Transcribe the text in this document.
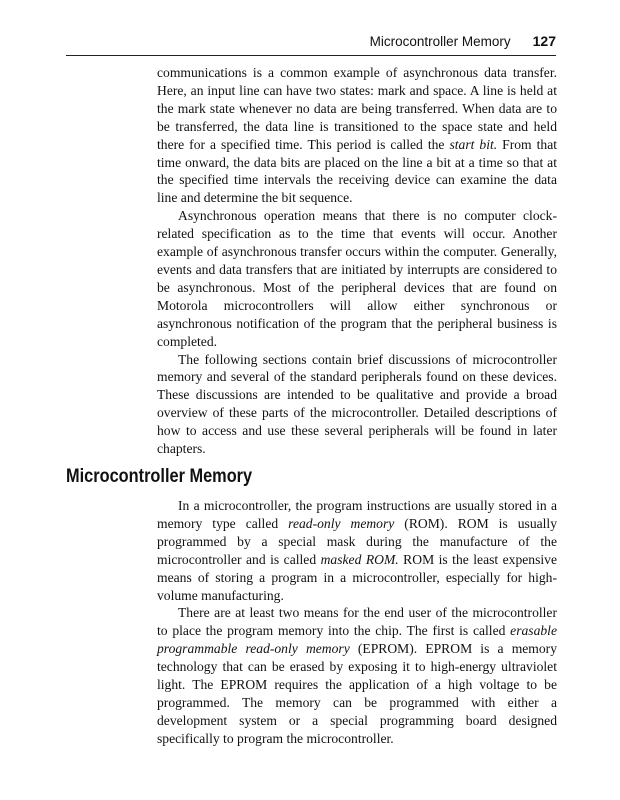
Microcontroller Memory 127

communications is a common example of asynchronous data transfer. Here, an input line can have two states: mark and space. A line is held at the mark state whenever no data are being transferred. When data are to be transferred, the data line is transitioned to the space state and held there for a specified time. This period is called the start bit. From that time onward, the data bits are placed on the line a bit at a time so that at the specified time intervals the receiving device can examine the data line and determine the bit sequence.

Asynchronous operation means that there is no computer clock-related specification as to the time that events will occur. Another example of asynchronous transfer occurs within the computer. Generally, events and data transfers that are initiated by interrupts are considered to be asynchronous. Most of the peripheral devices that are found on Motorola microcontrollers will allow either synchronous or asynchronous notification of the program that the peripheral business is completed.

The following sections contain brief discussions of microcontroller memory and several of the standard peripherals found on these devices. These discussions are intended to be qualitative and provide a broad overview of these parts of the microcontroller. Detailed descriptions of how to access and use these several peripherals will be found in later chapters.

Microcontroller Memory

In a microcontroller, the program instructions are usually stored in a memory type called read-only memory (ROM). ROM is usually programmed by a special mask during the manufacture of the microcontroller and is called masked ROM. ROM is the least expensive means of storing a program in a microcontroller, especially for high-volume manufacturing.

There are at least two means for the end user of the microcontroller to place the program memory into the chip. The first is called erasable programmable read-only memory (EPROM). EPROM is a memory technology that can be erased by exposing it to high-energy ultraviolet light. The EPROM requires the application of a high voltage to be programmed. The memory can be programmed with either a development system or a special programming board designed specifically to program the microcontroller.
